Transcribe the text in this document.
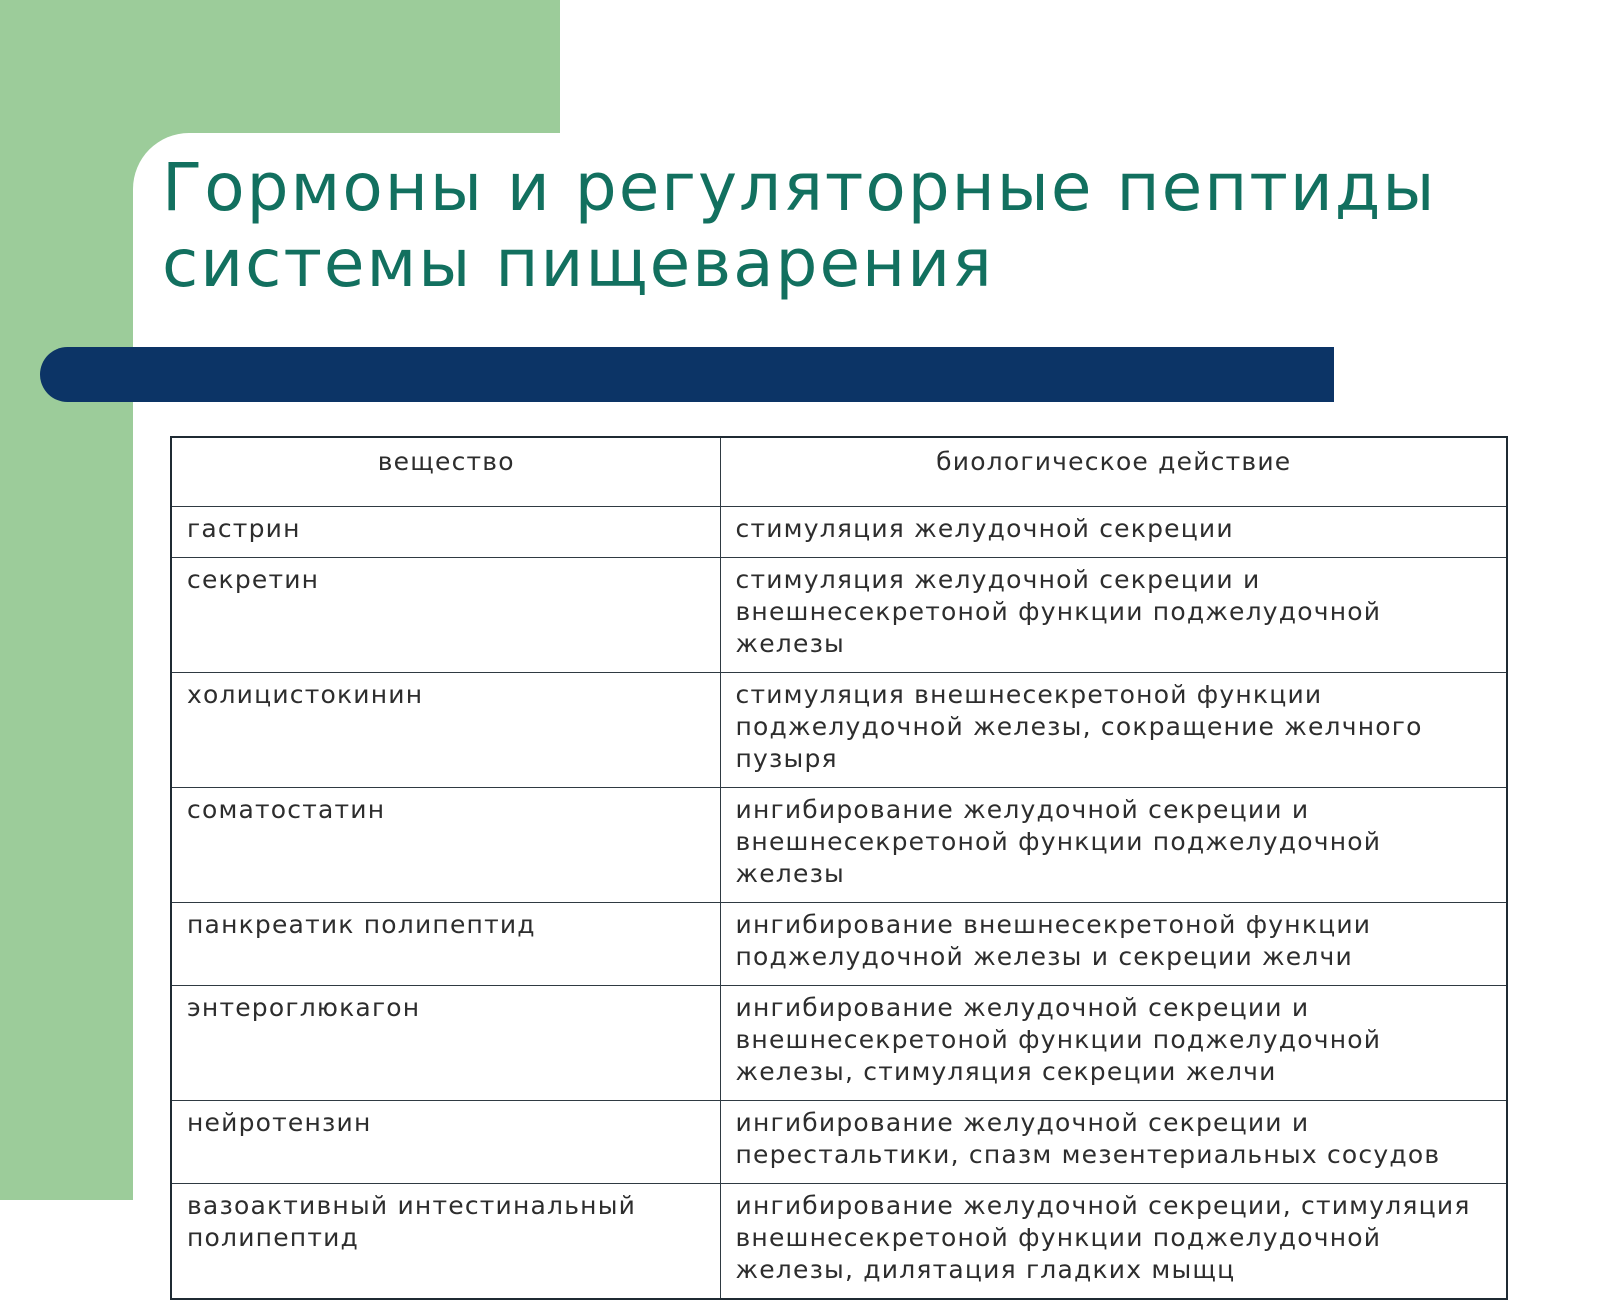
Гормоны и регуляторные пептиды
системы пищеварения
вещество	биологическое действие
гастрин	стимуляция желудочной секреции
секретин	стимуляция желудочной секреции и внешнесекретоной функции поджелудочной железы
холицистокинин	стимуляция внешнесекретоной функции поджелудочной железы, сокращение желчного пузыря
соматостатин	ингибирование желудочной секреции и внешнесекретоной функции поджелудочной железы
панкреатик полипептид	ингибирование внешнесекретоной функции поджелудочной железы и секреции желчи
энтероглюкагон	ингибирование желудочной секреции и внешнесекретоной функции поджелудочной железы, стимуляция секреции желчи
нейротензин	ингибирование желудочной секреции и перестальтики, спазм мезентериальных сосудов
вазоактивный интестинальный полипептид	ингибирование желудочной секреции, стимуляция внешнесекретоной функции поджелудочной железы, дилятация гладких мыщц
